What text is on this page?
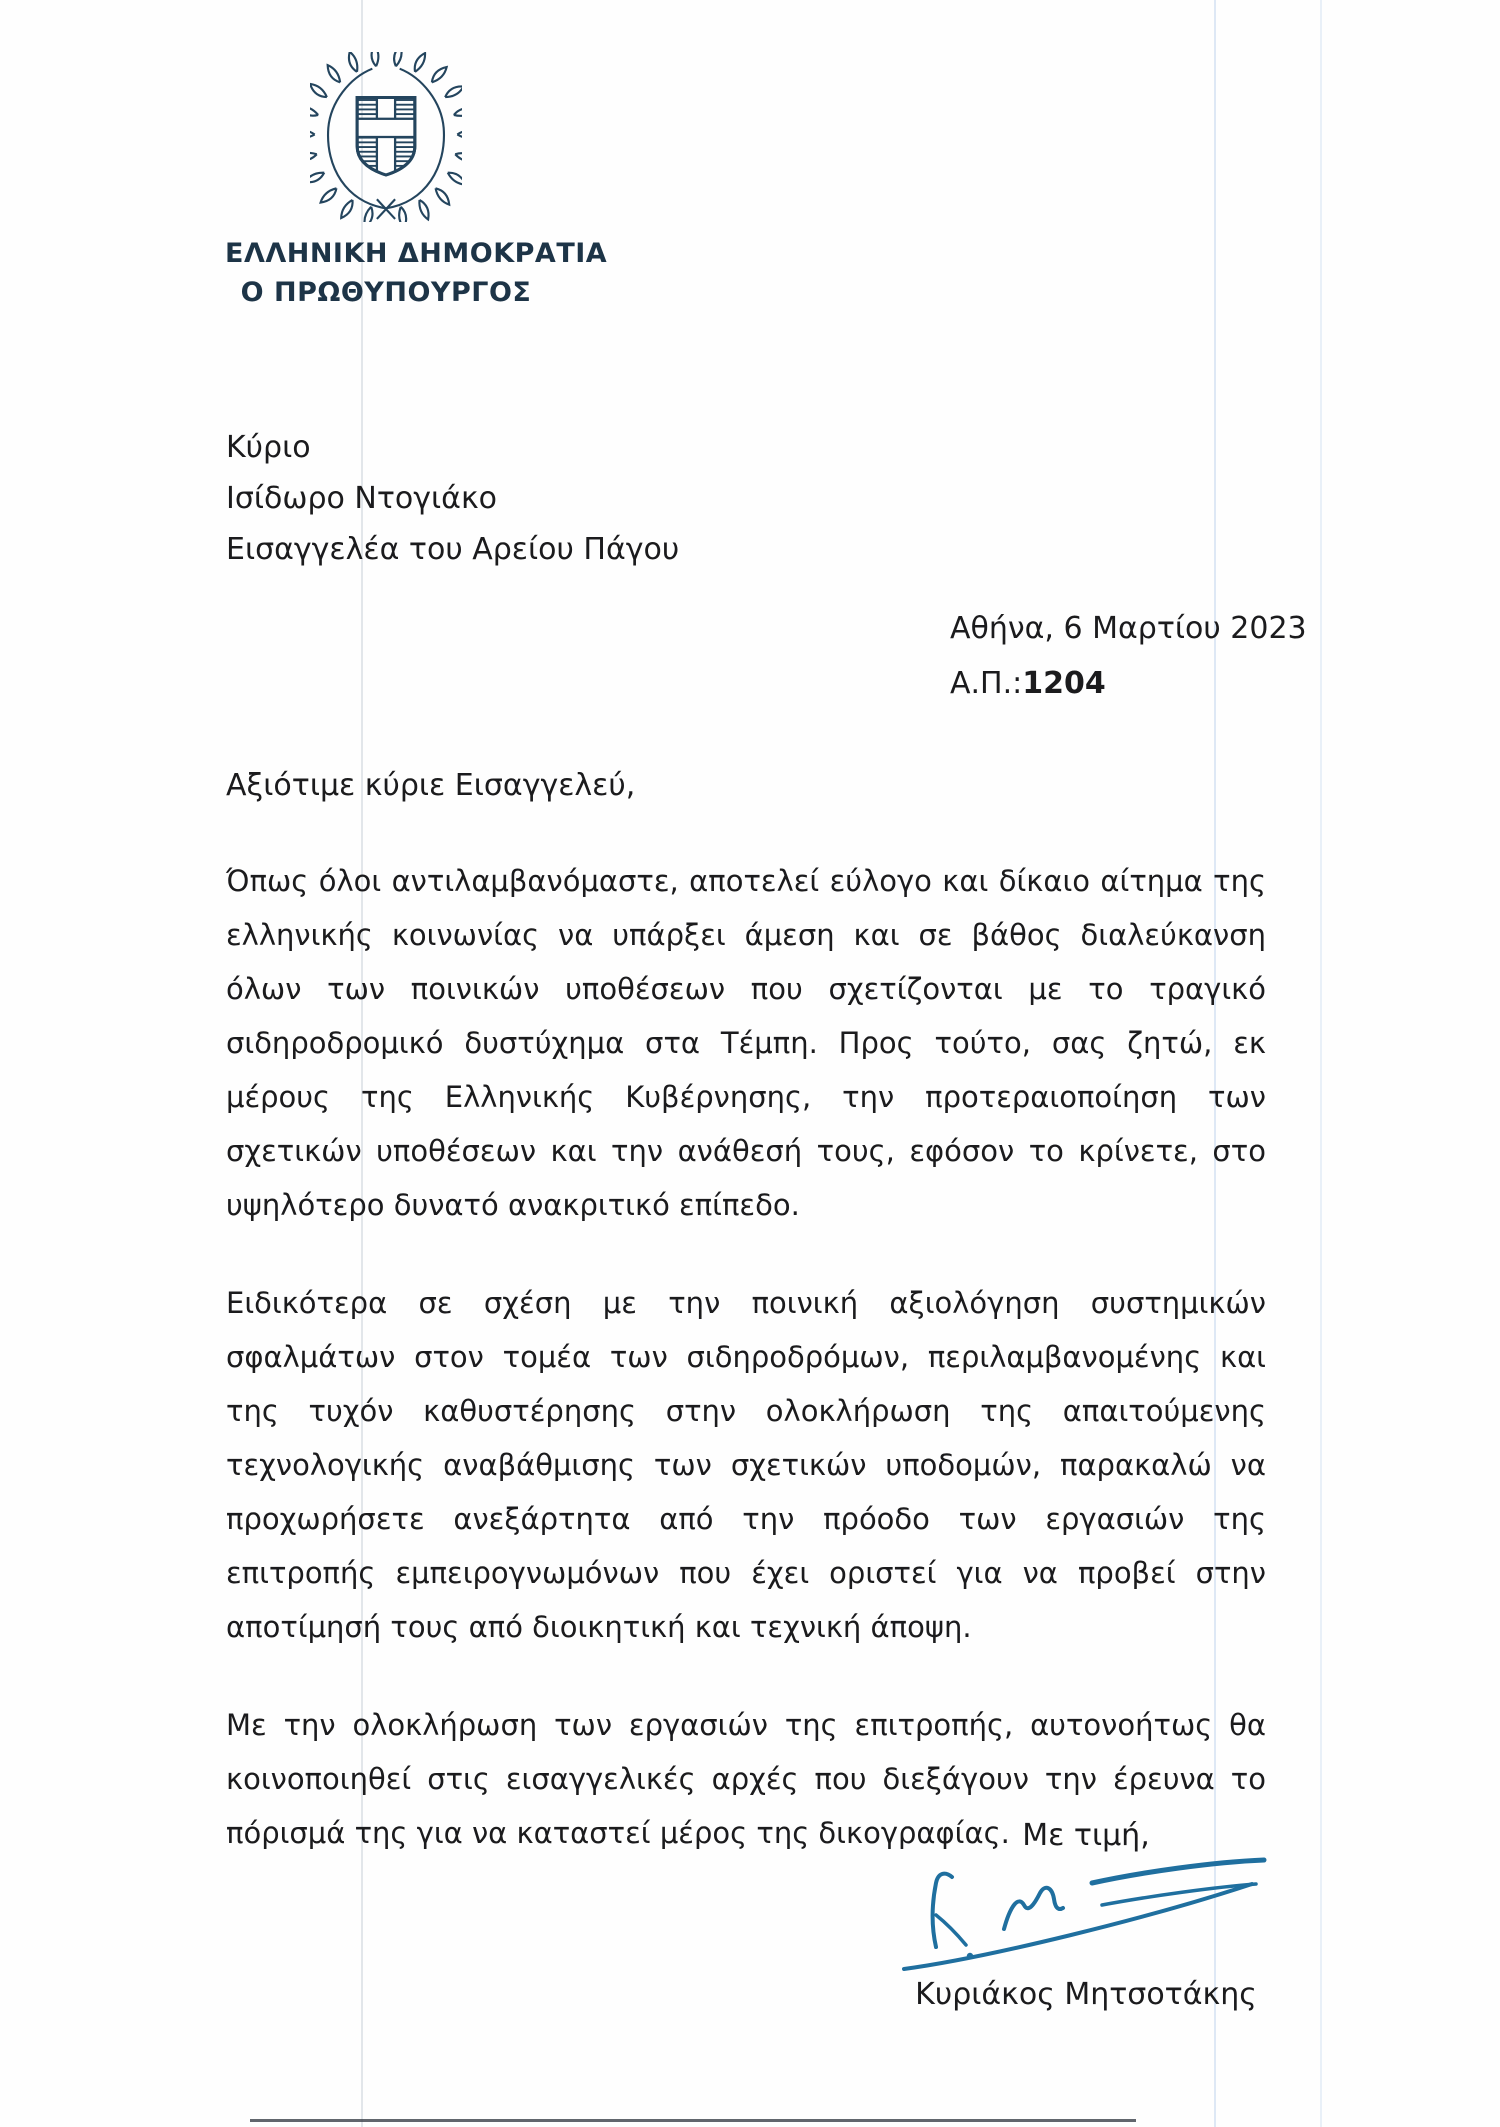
ΕΛΛΗΝΙΚΗ ΔΗΜΟΚΡΑΤΙΑ
Ο ΠΡΩΘΥΠΟΥΡΓΟΣ
Κύριο
Ισίδωρο Ντογιάκο
Εισαγγελέα του Αρείου Πάγου
Αθήνα, 6 Μαρτίου 2023
Α.Π.:1204
Αξιότιμε κύριε Εισαγγελεύ,

Όπως όλοι αντιλαμβανόμαστε, αποτελεί εύλογο και δίκαιο αίτημα της ελληνικής κοινωνίας να υπάρξει άμεση και σε βάθος διαλεύκανση όλων των ποινικών υποθέσεων που σχετίζονται με το τραγικό σιδηροδρομικό δυστύχημα στα Τέμπη. Προς τούτο, σας ζητώ, εκ μέρους της Ελληνικής Κυβέρνησης, την προτεραιοποίηση των σχετικών υποθέσεων και την ανάθεσή τους, εφόσον το κρίνετε, στο υψηλότερο δυνατό ανακριτικό επίπεδο.

Ειδικότερα σε σχέση με την ποινική αξιολόγηση συστημικών σφαλμάτων στον τομέα των σιδηροδρόμων, περιλαμβανομένης και της τυχόν καθυστέρησης στην ολοκλήρωση της απαιτούμενης τεχνολογικής αναβάθμισης των σχετικών υποδομών, παρακαλώ να προχωρήσετε ανεξάρτητα από την πρόοδο των εργασιών της επιτροπής εμπειρογνωμόνων που έχει οριστεί για να προβεί στην αποτίμησή τους από διοικητική και τεχνική άποψη.

Με την ολοκλήρωση των εργασιών της επιτροπής, αυτονοήτως θα κοινοποιηθεί στις εισαγγελικές αρχές που διεξάγουν την έρευνα το πόρισμά της για να καταστεί μέρος της δικογραφίας. Με τιμή,
Κυριάκος Μητσοτάκης
